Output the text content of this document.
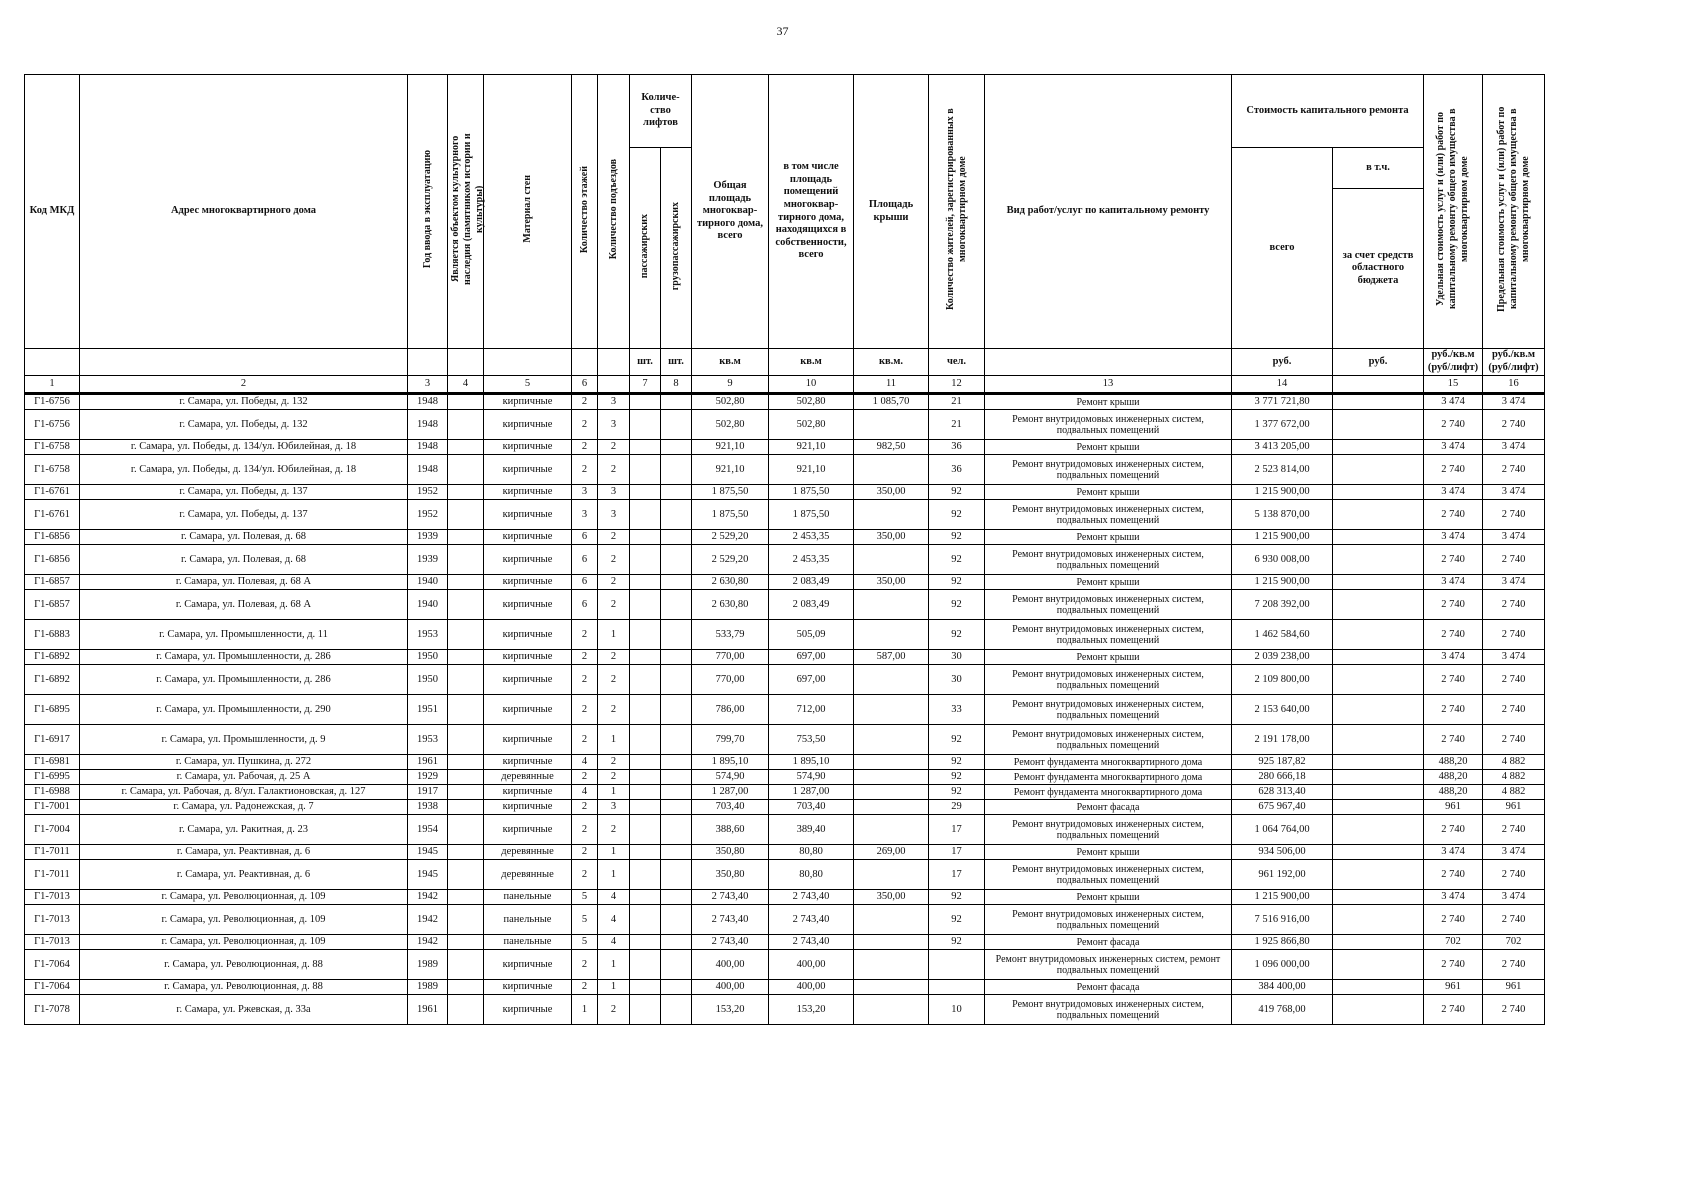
37
Код МКД	Адрес многоквартирного дома	Год ввода в эксплуатацию	Является объектом культурного наследия (памятником истории и культуры)	Материал стен	Количество этажей	Количество подъездов	Количе-ство лифтов		Общая площадь многоквар-тирного дома, всего	в том числе площадь помещений многоквар-тирного дома, находящихся в собственности, всего	Площадь крыши	Количество жителей, зарегистрированных в многоквартирном доме	Вид работ/услуг по капитальному ремонту	Стоимость капитального ремонта		Удельная стоимость услуг и (или) работ по капитальному ремонту общего имущества в многоквартирном доме	Предельная стоимость услуг и (или) работ по капитальному ремонту общего имущества в многоквартирном доме
							пассажирских	грузопассажирских						всего	в т.ч.		
															за счет средств областного бюджета		
							шт.	шт.	кв.м	кв.м	кв.м.	чел.		руб.	руб.	руб./кв.м (руб/лифт)	руб./кв.м (руб/лифт)
1	2	3	4	5	6		7	8	9	10	11	12	13	14		15	16
Г1-6756	г. Самара, ул. Победы, д. 132	1948		кирпичные	2	3			502,80	502,80	1 085,70	21	Ремонт крыши	3 771 721,80		3 474	3 474
Г1-6756	г. Самара, ул. Победы, д. 132	1948		кирпичные	2	3			502,80	502,80		21	Ремонт внутридомовых инженерных систем, подвальных помещений	1 377 672,00		2 740	2 740
Г1-6758	г. Самара, ул. Победы, д. 134/ул. Юбилейная, д. 18	1948		кирпичные	2	2			921,10	921,10	982,50	36	Ремонт крыши	3 413 205,00		3 474	3 474
Г1-6758	г. Самара, ул. Победы, д. 134/ул. Юбилейная, д. 18	1948		кирпичные	2	2			921,10	921,10		36	Ремонт внутридомовых инженерных систем, подвальных помещений	2 523 814,00		2 740	2 740
Г1-6761	г. Самара, ул. Победы, д. 137	1952		кирпичные	3	3			1 875,50	1 875,50	350,00	92	Ремонт крыши	1 215 900,00		3 474	3 474
Г1-6761	г. Самара, ул. Победы, д. 137	1952		кирпичные	3	3			1 875,50	1 875,50		92	Ремонт внутридомовых инженерных систем, подвальных помещений	5 138 870,00		2 740	2 740
Г1-6856	г. Самара, ул. Полевая, д. 68	1939		кирпичные	6	2			2 529,20	2 453,35	350,00	92	Ремонт крыши	1 215 900,00		3 474	3 474
Г1-6856	г. Самара, ул. Полевая, д. 68	1939		кирпичные	6	2			2 529,20	2 453,35		92	Ремонт внутридомовых инженерных систем, подвальных помещений	6 930 008,00		2 740	2 740
Г1-6857	г. Самара, ул. Полевая, д. 68 А	1940		кирпичные	6	2			2 630,80	2 083,49	350,00	92	Ремонт крыши	1 215 900,00		3 474	3 474
Г1-6857	г. Самара, ул. Полевая, д. 68 А	1940		кирпичные	6	2			2 630,80	2 083,49		92	Ремонт внутридомовых инженерных систем, подвальных помещений	7 208 392,00		2 740	2 740
Г1-6883	г. Самара, ул. Промышленности, д. 11	1953		кирпичные	2	1			533,79	505,09		92	Ремонт внутридомовых инженерных систем, подвальных помещений	1 462 584,60		2 740	2 740
Г1-6892	г. Самара, ул. Промышленности, д. 286	1950		кирпичные	2	2			770,00	697,00	587,00	30	Ремонт крыши	2 039 238,00		3 474	3 474
Г1-6892	г. Самара, ул. Промышленности, д. 286	1950		кирпичные	2	2			770,00	697,00		30	Ремонт внутридомовых инженерных систем, подвальных помещений	2 109 800,00		2 740	2 740
Г1-6895	г. Самара, ул. Промышленности, д. 290	1951		кирпичные	2	2			786,00	712,00		33	Ремонт внутридомовых инженерных систем, подвальных помещений	2 153 640,00		2 740	2 740
Г1-6917	г. Самара, ул. Промышленности, д. 9	1953		кирпичные	2	1			799,70	753,50		92	Ремонт внутридомовых инженерных систем, подвальных помещений	2 191 178,00		2 740	2 740
Г1-6981	г. Самара, ул. Пушкина, д. 272	1961		кирпичные	4	2			1 895,10	1 895,10		92	Ремонт фундамента многоквартирного дома	925 187,82		488,20	4 882
Г1-6995	г. Самара, ул. Рабочая, д. 25 А	1929		деревянные	2	2			574,90	574,90		92	Ремонт фундамента многоквартирного дома	280 666,18		488,20	4 882
Г1-6988	г. Самара, ул. Рабочая, д. 8/ул. Галактионовская, д. 127	1917		кирпичные	4	1			1 287,00	1 287,00		92	Ремонт фундамента многоквартирного дома	628 313,40		488,20	4 882
Г1-7001	г. Самара, ул. Радонежская, д. 7	1938		кирпичные	2	3			703,40	703,40		29	Ремонт фасада	675 967,40		961	961
Г1-7004	г. Самара, ул. Ракитная, д. 23	1954		кирпичные	2	2			388,60	389,40		17	Ремонт внутридомовых инженерных систем, подвальных помещений	1 064 764,00		2 740	2 740
Г1-7011	г. Самара, ул. Реактивная, д. 6	1945		деревянные	2	1			350,80	80,80	269,00	17	Ремонт крыши	934 506,00		3 474	3 474
Г1-7011	г. Самара, ул. Реактивная, д. 6	1945		деревянные	2	1			350,80	80,80		17	Ремонт внутридомовых инженерных систем, подвальных помещений	961 192,00		2 740	2 740
Г1-7013	г. Самара, ул. Революционная, д. 109	1942		панельные	5	4			2 743,40	2 743,40	350,00	92	Ремонт крыши	1 215 900,00		3 474	3 474
Г1-7013	г. Самара, ул. Революционная, д. 109	1942		панельные	5	4			2 743,40	2 743,40		92	Ремонт внутридомовых инженерных систем, подвальных помещений	7 516 916,00		2 740	2 740
Г1-7013	г. Самара, ул. Революционная, д. 109	1942		панельные	5	4			2 743,40	2 743,40		92	Ремонт фасада	1 925 866,80		702	702
Г1-7064	г. Самара, ул. Революционная, д. 88	1989		кирпичные	2	1			400,00	400,00			Ремонт внутридомовых инженерных систем, ремонт подвальных помещений	1 096 000,00		2 740	2 740
Г1-7064	г. Самара, ул. Революционная, д. 88	1989		кирпичные	2	1			400,00	400,00			Ремонт фасада	384 400,00		961	961
Г1-7078	г. Самара, ул. Ржевская, д. 33а	1961		кирпичные	1	2			153,20	153,20		10	Ремонт внутридомовых инженерных систем, подвальных помещений	419 768,00		2 740	2 740
